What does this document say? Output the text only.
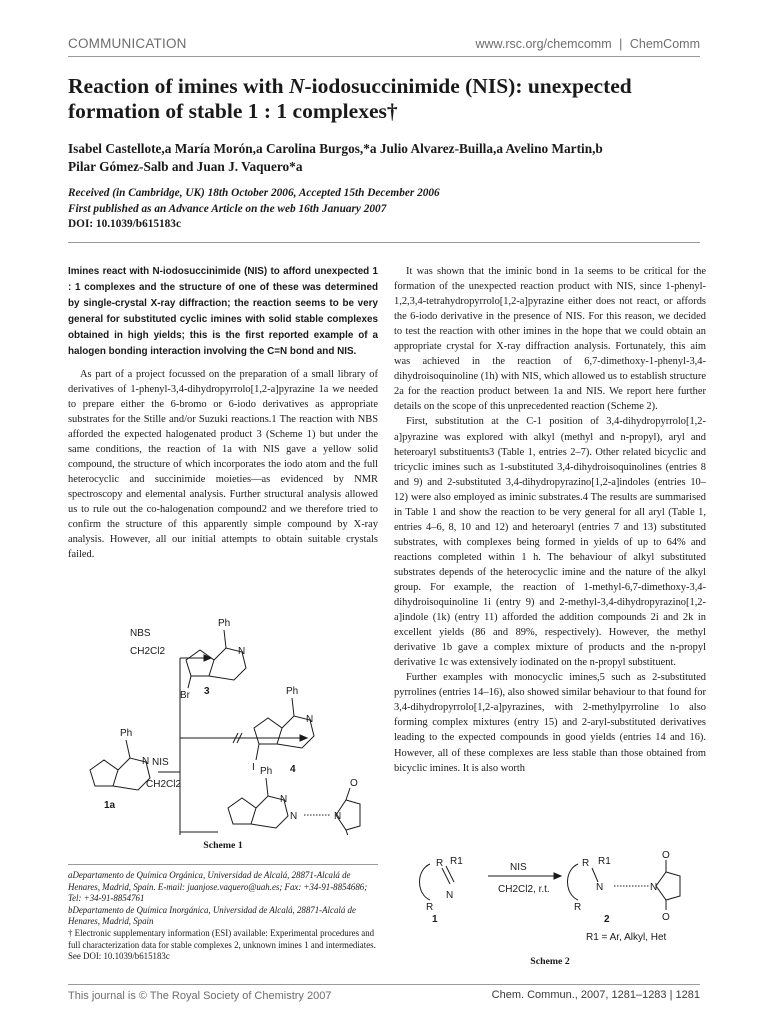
COMMUNICATION	www.rsc.org/chemcomm | ChemComm
Reaction of imines with N-iodosuccinimide (NIS): unexpected
formation of stable 1 : 1 complexes†
Isabel Castellote,a María Morón,a Carolina Burgos,*a Julio Alvarez-Builla,a Avelino Martin,b
Pilar Gómez-Salb and Juan J. Vaquero*a
Received (in Cambridge, UK) 18th October 2006, Accepted 15th December 2006
First published as an Advance Article on the web 16th January 2007
DOI: 10.1039/b615183c

Imines react with N-iodosuccinimide (NIS) to afford unexpected 1 : 1 complexes and the structure of one of these was determined by single-crystal X-ray diffraction; the reaction seems to be very general for substituted cyclic imines with solid stable complexes obtained in high yields; this is the first reported example of a halogen bonding interaction involving the C=N bond and NIS.

As part of a project focussed on the preparation of a small library of derivatives of 1-phenyl-3,4-dihydropyrrolo[1,2-a]pyrazine 1a we needed to prepare either the 6-bromo or 6-iodo derivatives as appropriate substrates for the Stille and/or Suzuki reactions.1 The reaction with NBS afforded the expected halogenated product 3 (Scheme 1) but under the same conditions, the reaction of 1a with NIS gave a yellow solid compound, the structure of which incorporates the iodo atom and the full heterocyclic and succinimide moieties—as evidenced by NMR spectroscopy and elemental analysis. Further structural analysis allowed us to rule out the co-halogenation compound2 and we therefore tried to confirm the structure of this apparently simple compound by X-ray analysis. However, all our initial attempts to obtain suitable crystals failed.

Ph
N
1a
NIS
CH2Cl2
NBS
CH2Cl2
Ph
N
Br 3	Ph
N
I	4
Ph
N
N	N
O
Scheme 1

aDepartamento de Química Orgánica, Universidad de Alcalá, 28871-Alcalá de Henares, Madrid, Spain. E-mail: juanjose.vaquero@uah.es; Fax: +34-91-8854686; Tel: +34-91-8854761

bDepartamento de Química Inorgánica, Universidad de Alcalá, 28871-Alcalá de Henares, Madrid, Spain

† Electronic supplementary information (ESI) available: Experimental procedures and full characterization data for stable complexes 2, unknown imines 1 and intermediates. See DOI: 10.1039/b615183c

It was shown that the iminic bond in 1a seems to be critical for the formation of the unexpected reaction product with NIS, since 1-phenyl-1,2,3,4-tetrahydropyrrolo[1,2-a]pyrazine either does not react, or affords the 6-iodo derivative in the presence of NIS. For this reason, we decided to test the reaction with other imines in the hope that we could obtain an appropriate crystal for X-ray diffraction analysis. Fortunately, this aim was achieved in the reaction of 6,7-dimethoxy-1-phenyl-3,4-dihydroisoquinoline (1h) with NIS, which allowed us to establish structure 2a for the reaction product between 1a and NIS. We report here further details on the scope of this unprecedented reaction (Scheme 2).

First, substitution at the C-1 position of 3,4-dihydropyrrolo[1,2-a]pyrazine was explored with alkyl (methyl and n-propyl), aryl and heteroaryl substituents3 (Table 1, entries 2–7). Other related bicyclic and tricyclic imines such as 1-substituted 3,4-dihydroisoquinolines (entries 8 and 9) and 2-substituted 3,4-dihydropyrazino[1,2-a]indoles (entries 10–12) were also employed as iminic substrates.4 The results are summarised in Table 1 and show the reaction to be very general for all aryl (Table 1, entries 4–6, 8, 10 and 12) and heteroaryl (entries 7 and 13) substituted substrates, with complexes being formed in yields of up to 64% and reactions completed within 1 h. The behaviour of alkyl substituted substrates depends of the heterocyclic imine and the nature of the alkyl group. For example, the reaction of 1-methyl-6,7-dimethoxy-3,4-dihydroisoquinoline 1i (entry 9) and 2-methyl-3,4-dihydropyrazino[1,2-a]indole (1k) (entry 11) afforded the addition compounds 2i and 2k in excellent yields (86 and 89%, respectively). However, the methyl derivative 1b gave a complex mixture of products and the n-propyl derivative 1c was extensively iodinated on the n-propyl substituent.

Further examples with monocyclic imines,5 such as 2-substituted pyrrolines (entries 14–16), also showed similar behaviour to that found for 3,4-dihydropyrrolo[1,2-a]pyrazines, with 2-methylpyrroline 1o also forming complex mixtures (entry 15) and 2-aryl-substituted derivatives leading to the expected compounds in good yields (entries 14 and 16). However, all of these complexes are less stable than those obtained from bicyclic imines. It is also worth

R R1
N
R
1
NIS
CH2Cl2, r.t.
R R1
N	N
O
O
R
2
R1 = Ar, Alkyl, Het
Scheme 2
This journal is © The Royal Society of Chemistry 2007	Chem. Commun., 2007, 1281–1283 | 1281
